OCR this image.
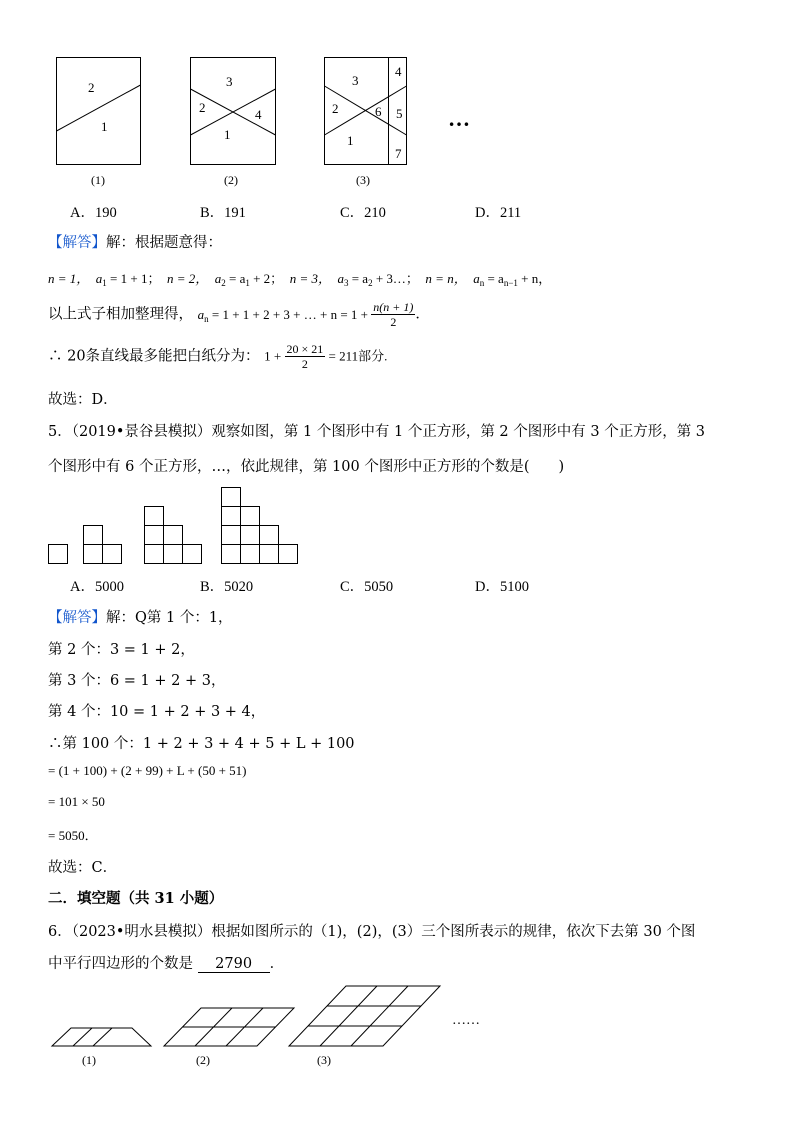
2
1
3
2	4
1
3
2	6
1
4
5
7
(1)	(2)	(3)
…
A．190	B．191	C．210	D．211
【解答】解：根据题意得：
n = 1， $a_1 = 1 + 1$； n = 2， $a_2 = a_1 + 2$； n = 3， $a_3 = a_2$ + 3…； n = n， $a_n = a_{n-1} + n$，
以上式子相加整理得， $a_n = 1 + 1 + 2 + 3$ + … + $n = 1 + \frac{n(n + 1)}{2}$ ．
∴ 20条直线最多能把白纸分为： $1 + \frac{20 \times 21}{2} = 211$部分.
故选：D．
5．（2019•景谷县模拟）观察如图，第 1 个图形中有 1 个正方形，第 2 个图形中有 3 个正方形，第 3
个图形中有 6 个正方形，…，依此规律，第 100 个图形中正方形的个数是(　　)
A．5000	B．5020	C．5050	D．5100
【解答】解：Q第 1 个：1，
第 2 个：3 = 1 + 2，
第 3 个：6 = 1 + 2 + 3，
第 4 个：10 = 1 + 2 + 3 + 4，
∴第 100 个：1 + 2 + 3 + 4 + 5 + L + 100
= (1 + 100) + (2 + 99) + L + (50 + 51)
= 101 × 50
= 5050．
故选：C．
二．填空题（共 31 小题）
6．（2023•明水县模拟）根据如图所示的（1)，(2)，(3）三个图所表示的规律，依次下去第 30 个图
中平行四边形的个数是 2790 ．
(1)	(2)	(3)
……
